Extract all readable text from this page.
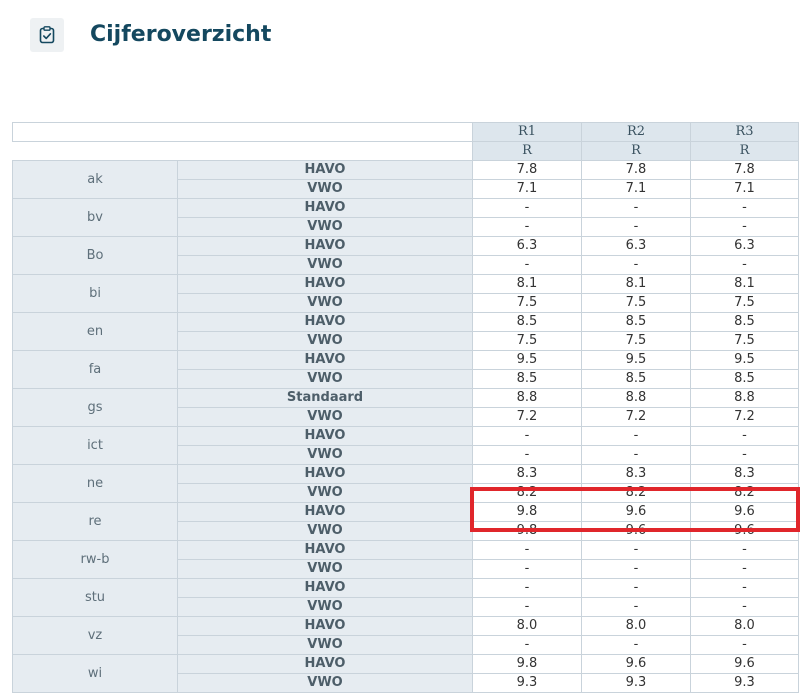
Cijferoverzicht
		R1	R2	R3
		R	R	R
ak	HAVO	7.8	7.8	7.8
	VWO	7.1	7.1	7.1
bv	HAVO	-	-	-
	VWO	-	-	-
Bo	HAVO	6.3	6.3	6.3
	VWO	-	-	-
bi	HAVO	8.1	8.1	8.1
	VWO	7.5	7.5	7.5
en	HAVO	8.5	8.5	8.5
	VWO	7.5	7.5	7.5
fa	HAVO	9.5	9.5	9.5
	VWO	8.5	8.5	8.5
gs	Standaard	8.8	8.8	8.8
	VWO	7.2	7.2	7.2
ict	HAVO	-	-	-
	VWO	-	-	-
ne	HAVO	8.3	8.3	8.3
	VWO	8.2	8.2	8.2
re	HAVO	9.8	9.6	9.6
	VWO	9.8	9.6	9.6
rw-b	HAVO	-	-	-
	VWO	-	-	-
stu	HAVO	-	-	-
	VWO	-	-	-
vz	HAVO	8.0	8.0	8.0
	VWO	-	-	-
wi	HAVO	9.8	9.6	9.6
	VWO	9.3	9.3	9.3
